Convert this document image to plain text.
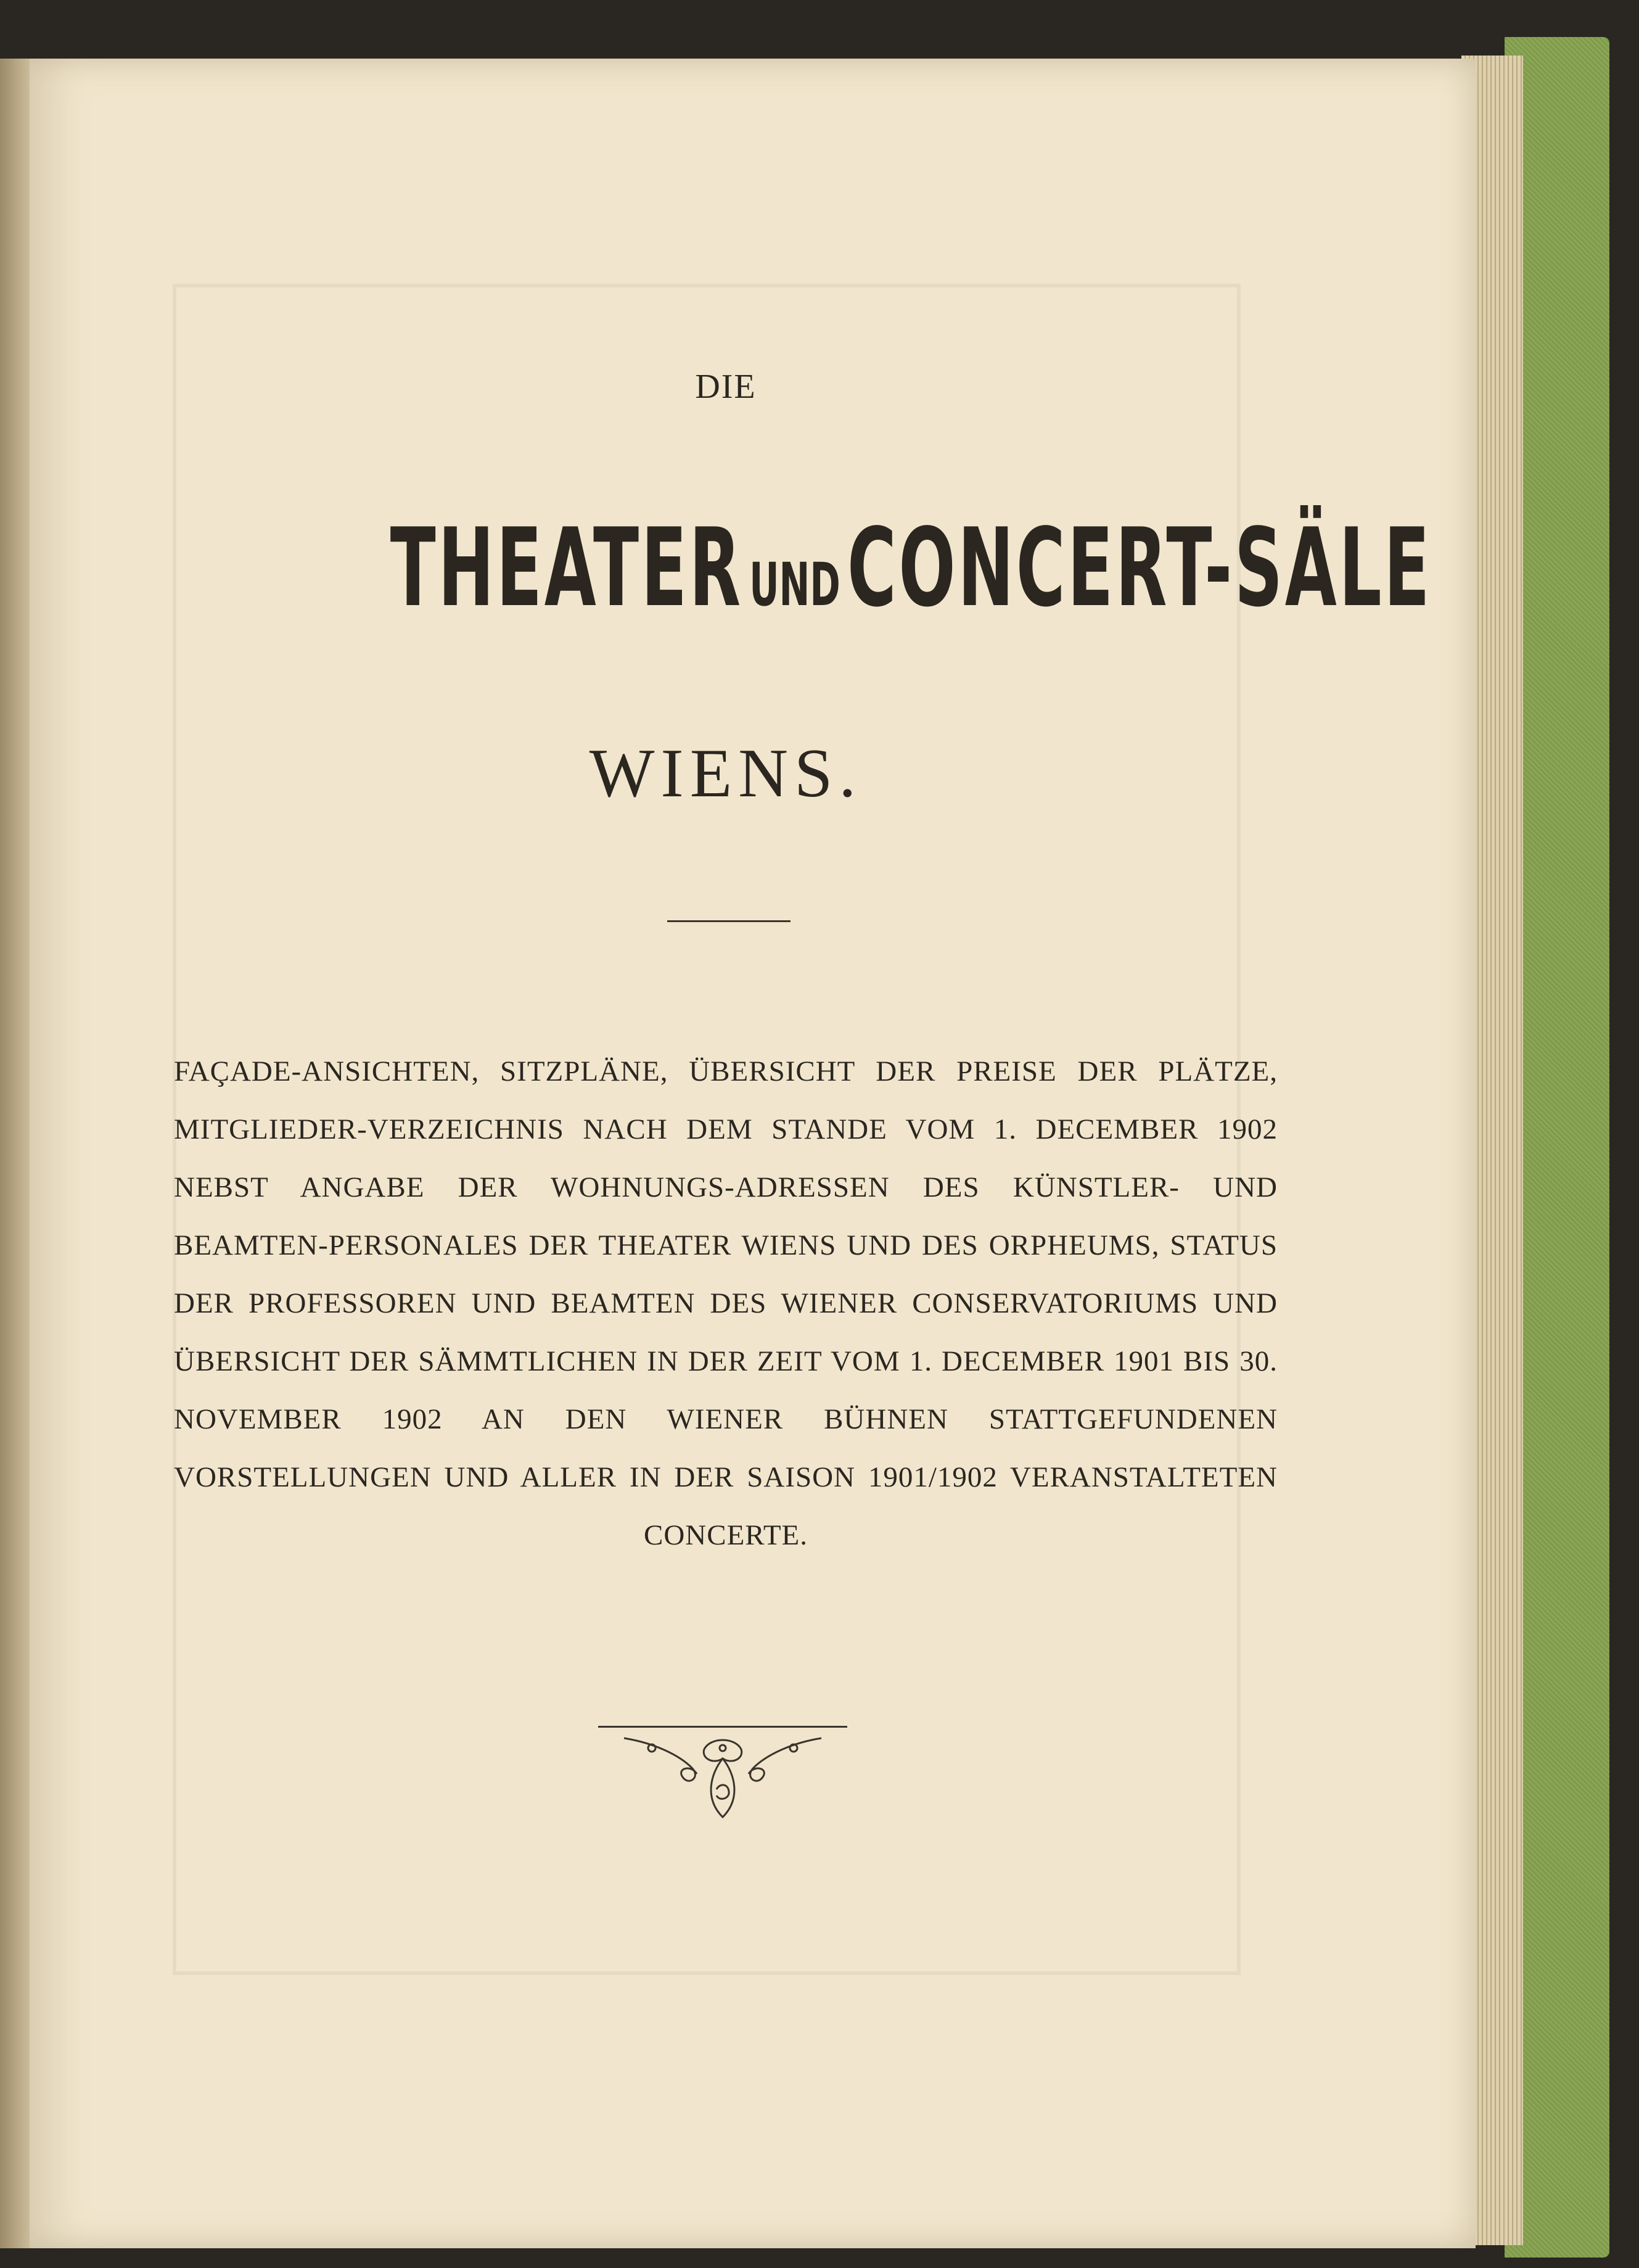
DIE
THEATER UND CONCERT-SÄLE
WIENS.
FAÇADE-ANSICHTEN, SITZPLÄNE, ÜBERSICHT DER PREISE DER PLÄTZE, MITGLIEDER-VERZEICHNIS NACH DEM STANDE VOM 1. DECEMBER 1902 NEBST ANGABE DER WOHNUNGS-ADRESSEN DES KÜNSTLER- UND BEAMTEN-PERSONALES DER THEATER WIENS UND DES ORPHEUMS, STATUS DER PROFESSOREN UND BEAMTEN DES WIENER CONSERVATORIUMS UND ÜBERSICHT DER SÄMMTLICHEN IN DER ZEIT VOM 1. DECEMBER 1901 BIS 30. NOVEMBER 1902 AN DEN WIENER BÜHNEN STATTGEFUNDENEN VORSTELLUNGEN UND ALLER IN DER SAISON 1901/1902 VERANSTALTETEN CONCERTE.
